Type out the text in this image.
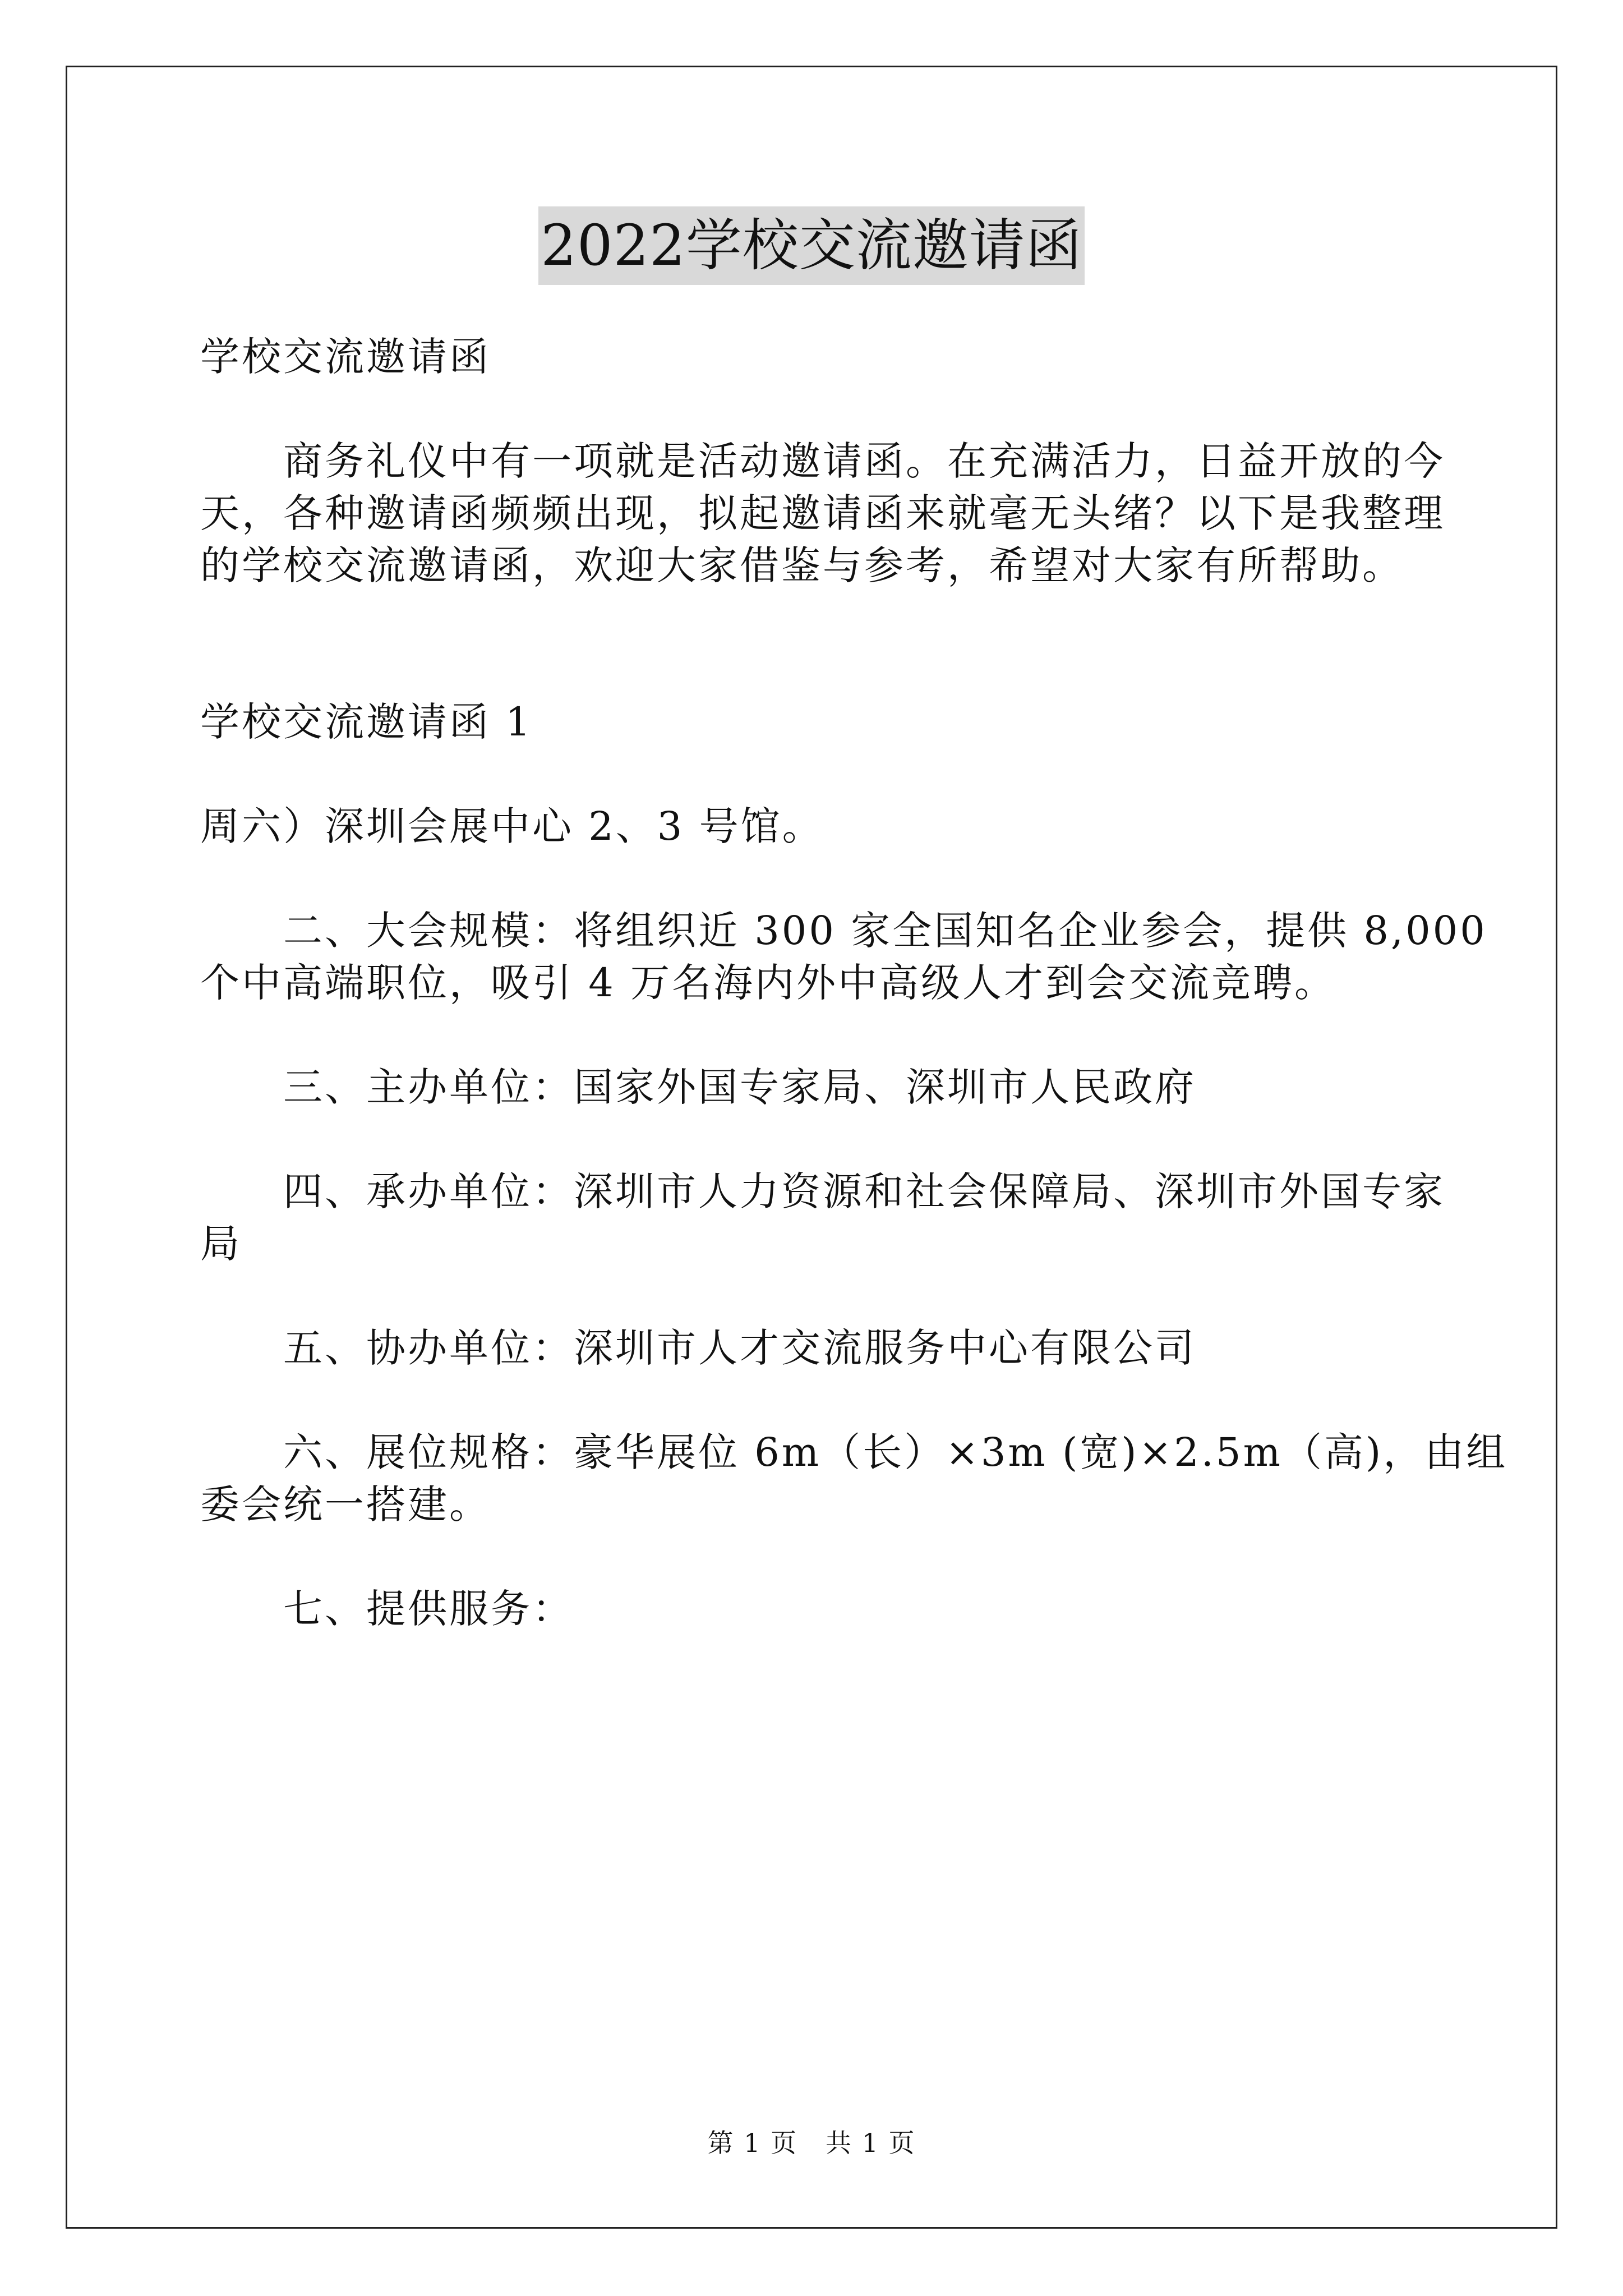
2022学校交流邀请函
学校交流邀请函
商务礼仪中有一项就是活动邀请函。在充满活力，日益开放的今
天，各种邀请函频频出现，拟起邀请函来就毫无头绪？以下是我整理
的学校交流邀请函，欢迎大家借鉴与参考，希望对大家有所帮助。
学校交流邀请函 1
周六）深圳会展中心 2、3 号馆。
二、大会规模：将组织近 300 家全国知名企业参会，提供 8,000
个中高端职位，吸引 4 万名海内外中高级人才到会交流竞聘。
三、主办单位：国家外国专家局、深圳市人民政府
四、承办单位：深圳市人力资源和社会保障局、深圳市外国专家
局
五、协办单位：深圳市人才交流服务中心有限公司
六、展位规格：豪华展位 6m（长）×3m (宽)×2.5m（高)，由组
委会统一搭建。
七、提供服务：
第 1 页 共 1 页
